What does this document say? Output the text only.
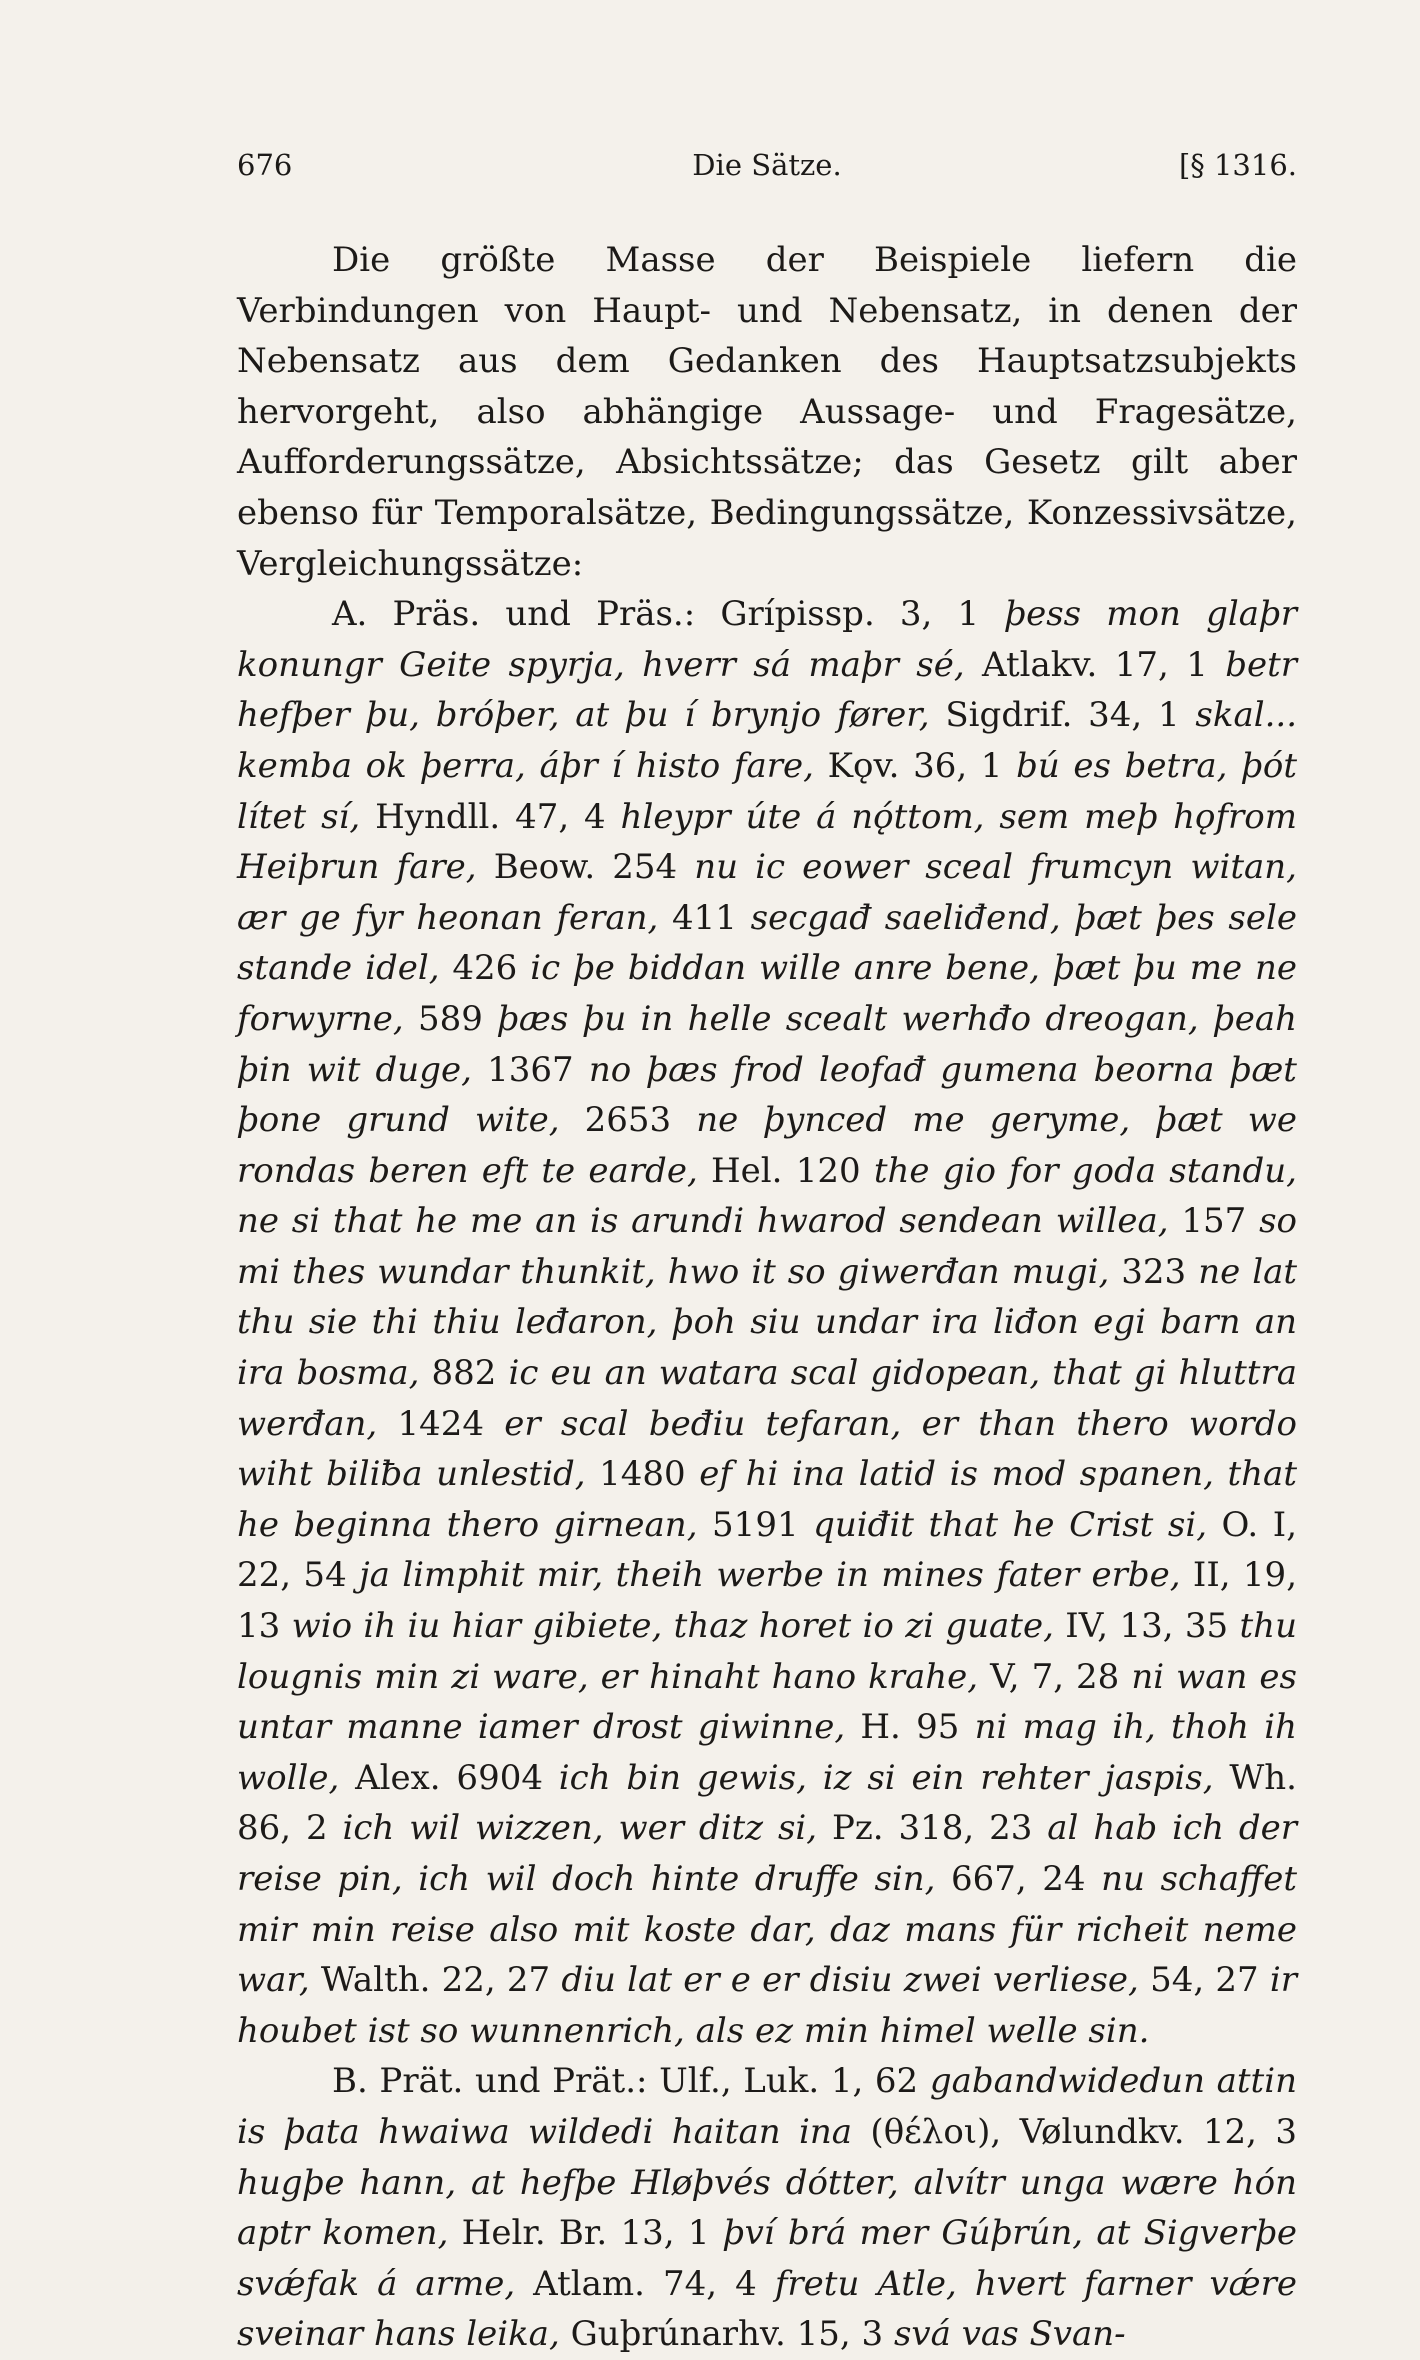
676	Die Sätze.	[§ 1316.

Die größte Masse der Beispiele liefern die Verbindungen von Haupt- und Nebensatz, in denen der Nebensatz aus dem Gedanken des Hauptsatzsubjekts hervorgeht, also abhängige Aussage- und Fragesätze, Aufforderungssätze, Absichtssätze; das Gesetz gilt aber ebenso für Temporalsätze, Bedingungssätze, Konzessivsätze, Vergleichungssätze:

A. Präs. und Präs.: Grípissp. 3, 1 þess mon glaþr konungr Geite spyrja, hverr sá maþr sé, Atlakv. 17, 1 betr hefþer þu, bróþer, at þu í brynjo fører, Sigdrif. 34, 1 skal... kemba ok þerra, áþr í histo fare, Kǫv. 36, 1 bú es betra, þót lítet sí, Hyndll. 47, 4 hleypr úte á nǫ́ttom, sem meþ hǫfrom Heiþrun fare, Beow. 254 nu ic eower sceal frumcyn witan, ær ge fyr heonan feran, 411 secgađ saeliđend, þæt þes sele stande idel, 426 ic þe biddan wille anre bene, þæt þu me ne forwyrne, 589 þæs þu in helle scealt werhđo dreogan, þeah þin wit duge, 1367 no þæs frod leofađ gumena beorna þæt þone grund wite, 2653 ne þynced me geryme, þæt we rondas beren eft te earde, Hel. 120 the gio for goda standu, ne si that he me an is arundi hwarod sendean willea, 157 so mi thes wundar thunkit, hwo it so giwerđan mugi, 323 ne lat thu sie thi thiu leđaron, þoh siu undar ira liđon egi barn an ira bosma, 882 ic eu an watara scal gidopean, that gi hluttra werđan, 1424 er scal beđiu tefaran, er than thero wordo wiht biliƀa unlestid, 1480 ef hi ina latid is mod spanen, that he beginna thero girnean, 5191 quiđit that he Crist si, O. I, 22, 54 ja limphit mir, theih werbe in mines fater erbe, II, 19, 13 wio ih iu hiar gibiete, thaz horet io zi guate, IV, 13, 35 thu lougnis min zi ware, er hinaht hano krahe, V, 7, 28 ni wan es untar manne iamer drost giwinne, H. 95 ni mag ih, thoh ih wolle, Alex. 6904 ich bin gewis, iz si ein rehter jaspis, Wh. 86, 2 ich wil wizzen, wer ditz si, Pz. 318, 23 al hab ich der reise pin, ich wil doch hinte druffe sin, 667, 24 nu schaffet mir min reise also mit koste dar, daz mans für richeit neme war, Walth. 22, 27 diu lat er e er disiu zwei verliese, 54, 27 ir houbet ist so wunnenrich, als ez min himel welle sin.

B. Prät. und Prät.: Ulf., Luk. 1, 62 gabandwidedun attin is þata hwaiwa wildedi haitan ina (θέλοι), Vølundkv. 12, 3 hugþe hann, at hefþe Hløþvés dótter, alvítr unga wære hón aptr komen, Helr. Br. 13, 1 því brá mer Gúþrún, at Sigverþe svǽfak á arme, Atlam. 74, 4 fretu Atle, hvert farner vǽre sveinar hans leika, Guþrúnarhv. 15, 3 svá vas Svan-
